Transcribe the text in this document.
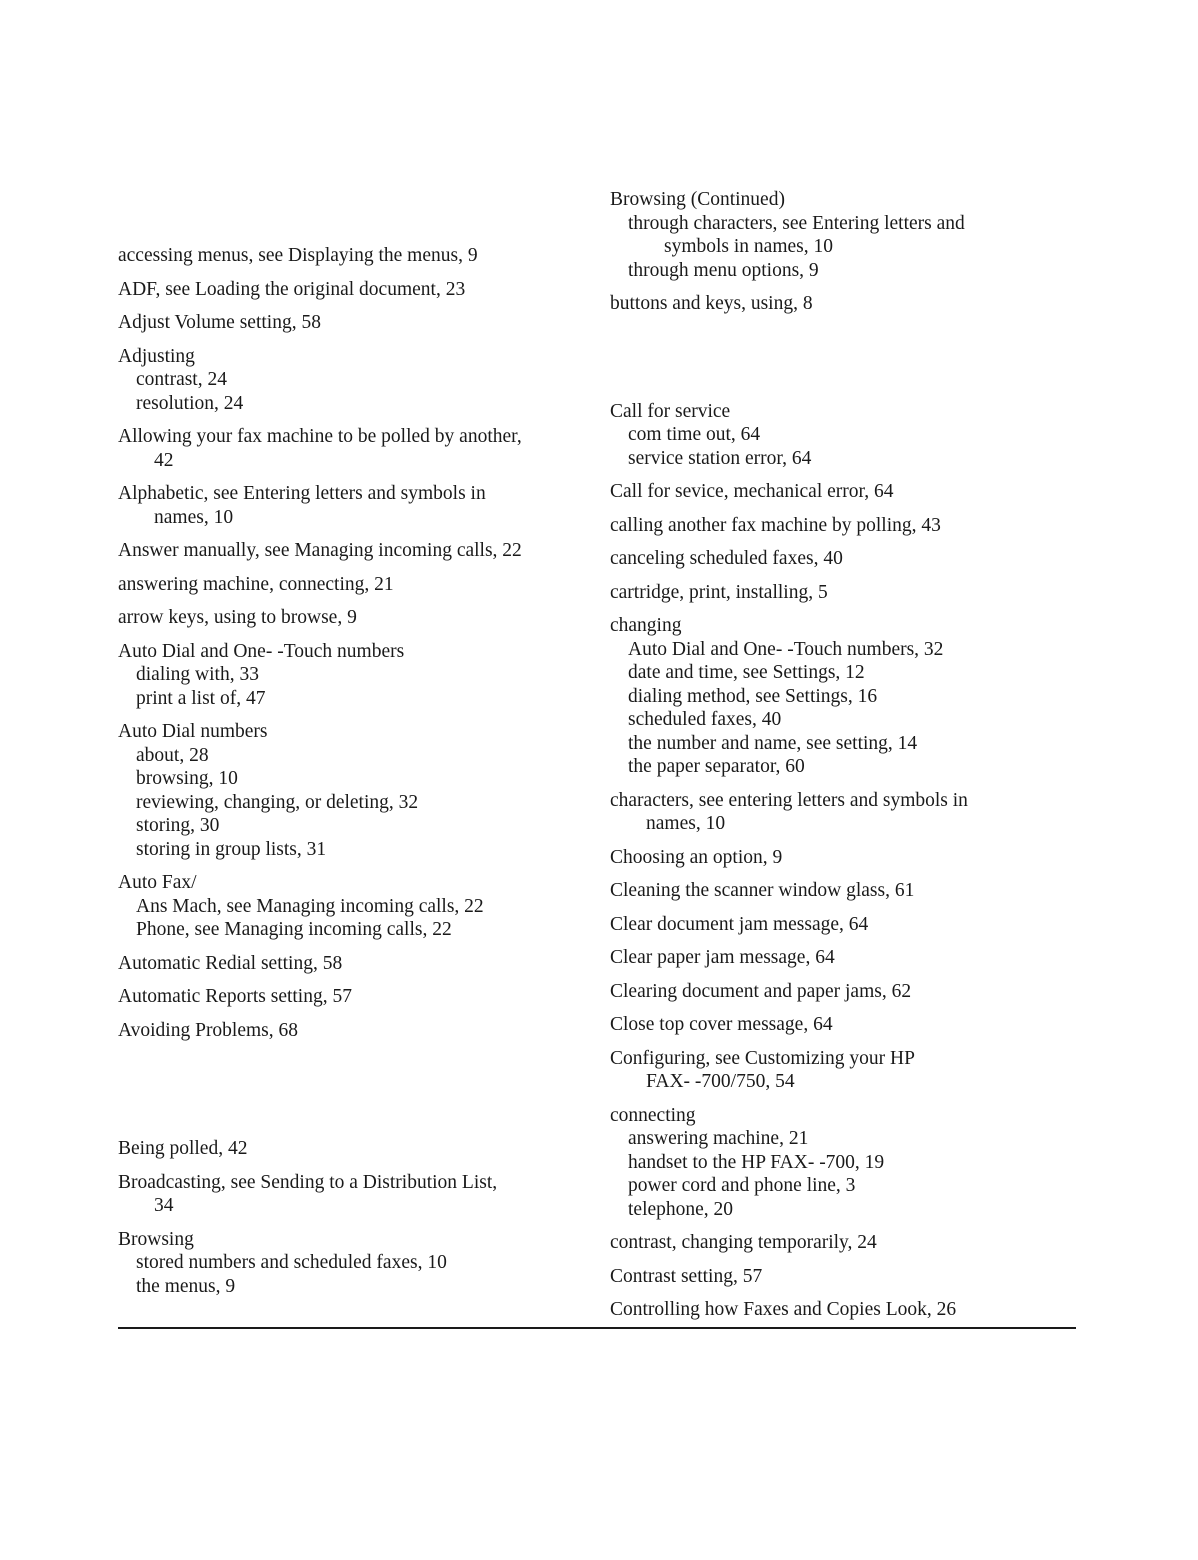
accessing menus, see Displaying the menus, 9
ADF, see Loading the original document, 23
Adjust Volume setting, 58
Adjusting
contrast, 24
resolution, 24
Allowing your fax machine to be polled by another,
42
Alphabetic, see Entering letters and symbols in
names, 10
Answer manually, see Managing incoming calls, 22
answering machine, connecting, 21
arrow keys, using to browse, 9
Auto Dial and One- -Touch numbers
dialing with, 33
print a list of, 47
Auto Dial numbers
about, 28
browsing, 10
reviewing, changing, or deleting, 32
storing, 30
storing in group lists, 31
Auto Fax/
Ans Mach, see Managing incoming calls, 22
Phone, see Managing incoming calls, 22
Automatic Redial setting, 58
Automatic Reports setting, 57
Avoiding Problems, 68
Being polled, 42
Broadcasting, see Sending to a Distribution List,
34
Browsing
stored numbers and scheduled faxes, 10
the menus, 9
Browsing (Continued)
through characters, see Entering letters and
symbols in names, 10
through menu options, 9
buttons and keys, using, 8
Call for service
com time out, 64
service station error, 64
Call for sevice, mechanical error, 64
calling another fax machine by polling, 43
canceling scheduled faxes, 40
cartridge, print, installing, 5
changing
Auto Dial and One- -Touch numbers, 32
date and time, see Settings, 12
dialing method, see Settings, 16
scheduled faxes, 40
the number and name, see setting, 14
the paper separator, 60
characters, see entering letters and symbols in
names, 10
Choosing an option, 9
Cleaning the scanner window glass, 61
Clear document jam message, 64
Clear paper jam message, 64
Clearing document and paper jams, 62
Close top cover message, 64
Configuring, see Customizing your HP
FAX- -700/750, 54
connecting
answering machine, 21
handset to the HP FAX- -700, 19
power cord and phone line, 3
telephone, 20
contrast, changing temporarily, 24
Contrast setting, 57
Controlling how Faxes and Copies Look, 26
